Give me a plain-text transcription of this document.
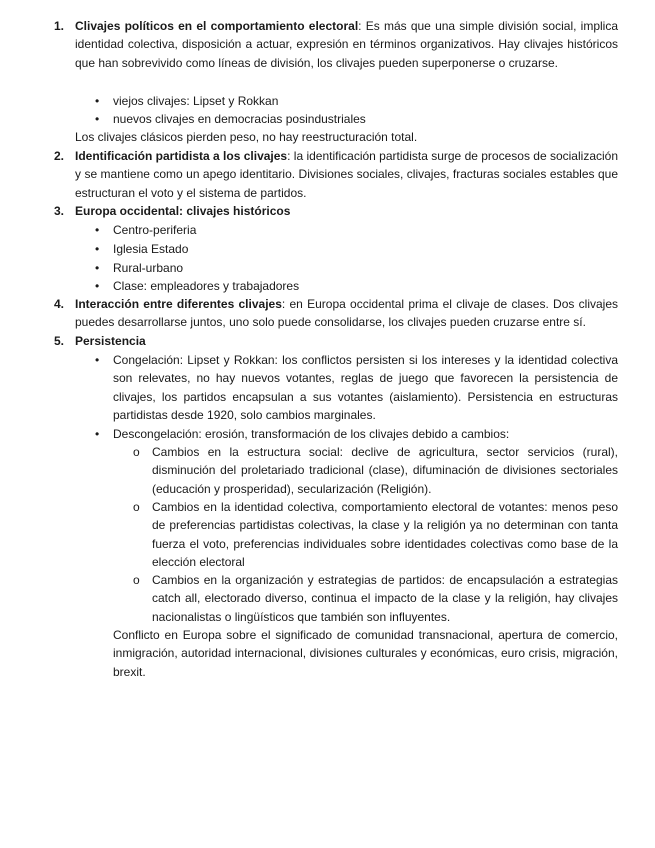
1. Clivajes políticos en el comportamiento electoral: Es más que una simple división social, implica identidad colectiva, disposición a actuar, expresión en términos organizativos. Hay clivajes históricos que han sobrevivido como líneas de división, los clivajes pueden superponerse o cruzarse.
• viejos clivajes: Lipset y Rokkan
• nuevos clivajes en democracias posindustriales
Los clivajes clásicos pierden peso, no hay reestructuración total.
2. Identificación partidista a los clivajes: la identificación partidista surge de procesos de socialización y se mantiene como un apego identitario. Divisiones sociales, clivajes, fracturas sociales estables que estructuran el voto y el sistema de partidos.
3. Europa occidental: clivajes históricos
• Centro-periferia
• Iglesia Estado
• Rural-urbano
• Clase: empleadores y trabajadores
4. Interacción entre diferentes clivajes: en Europa occidental prima el clivaje de clases. Dos clivajes puedes desarrollarse juntos, uno solo puede consolidarse, los clivajes pueden cruzarse entre sí.
5. Persistencia
• Congelación: Lipset y Rokkan: los conflictos persisten si los intereses y la identidad colectiva son relevates, no hay nuevos votantes, reglas de juego que favorecen la persistencia de clivajes, los partidos encapsulan a sus votantes (aislamiento). Persistencia en estructuras partidistas desde 1920, solo cambios marginales.
• Descongelación: erosión, transformación de los clivajes debido a cambios:
o Cambios en la estructura social: declive de agricultura, sector servicios (rural), disminución del proletariado tradicional (clase), difuminación de divisiones sectoriales (educación y prosperidad), secularización (Religión).
o Cambios en la identidad colectiva, comportamiento electoral de votantes: menos peso de preferencias partidistas colectivas, la clase y la religión ya no determinan con tanta fuerza el voto, preferencias individuales sobre identidades colectivas como base de la elección electoral
o Cambios en la organización y estrategias de partidos: de encapsulación a estrategias catch all, electorado diverso, continua el impacto de la clase y la religión, hay clivajes nacionalistas o lingüísticos que también son influyentes.
Conflicto en Europa sobre el significado de comunidad transnacional, apertura de comercio, inmigración, autoridad internacional, divisiones culturales y económicas, euro crisis, migración, brexit.
